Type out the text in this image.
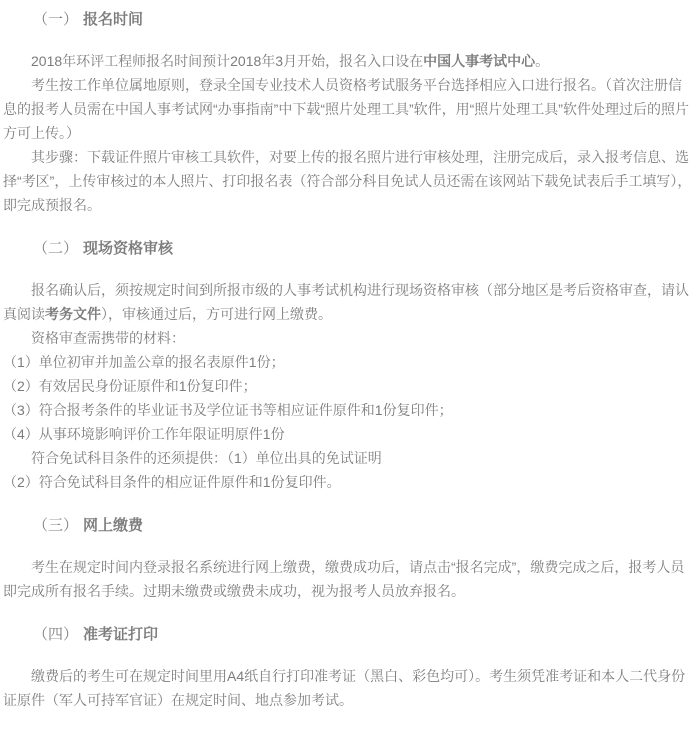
（一） 报名时间

2018年环评工程师报名时间预计2018年3月开始，报名入口设在中国人事考试中心。

考生按工作单位属地原则，登录全国专业技术人员资格考试服务平台选择相应入口进行报名。（首次注册信息的报考人员需在中国人事考试网“办事指南”中下载“照片处理工具”软件，用“照片处理工具”软件处理过后的照片方可上传。）

其步骤：下载证件照片审核工具软件，对要上传的报名照片进行审核处理，注册完成后，录入报考信息、选择“考区”，上传审核过的本人照片、打印报名表（符合部分科目免试人员还需在该网站下载免试表后手工填写），即完成预报名。

（二） 现场资格审核

报名确认后，须按规定时间到所报市级的人事考试机构进行现场资格审核（部分地区是考后资格审查，请认真阅读考务文件），审核通过后，方可进行网上缴费。

资格审查需携带的材料：

（1）单位初审并加盖公章的报名表原件1份；

（2）有效居民身份证原件和1份复印件；

（3）符合报考条件的毕业证书及学位证书等相应证件原件和1份复印件；

（4）从事环境影响评价工作年限证明原件1份

符合免试科目条件的还须提供：（1）单位出具的免试证明

（2）符合免试科目条件的相应证件原件和1份复印件。

（三） 网上缴费

考生在规定时间内登录报名系统进行网上缴费，缴费成功后，请点击“报名完成”，缴费完成之后，报考人员即完成所有报名手续。过期未缴费或缴费未成功，视为报考人员放弃报名。

（四） 准考证打印

缴费后的考生可在规定时间里用A4纸自行打印准考证（黑白、彩色均可）。考生须凭准考证和本人二代身份证原件（军人可持军官证）在规定时间、地点参加考试。
